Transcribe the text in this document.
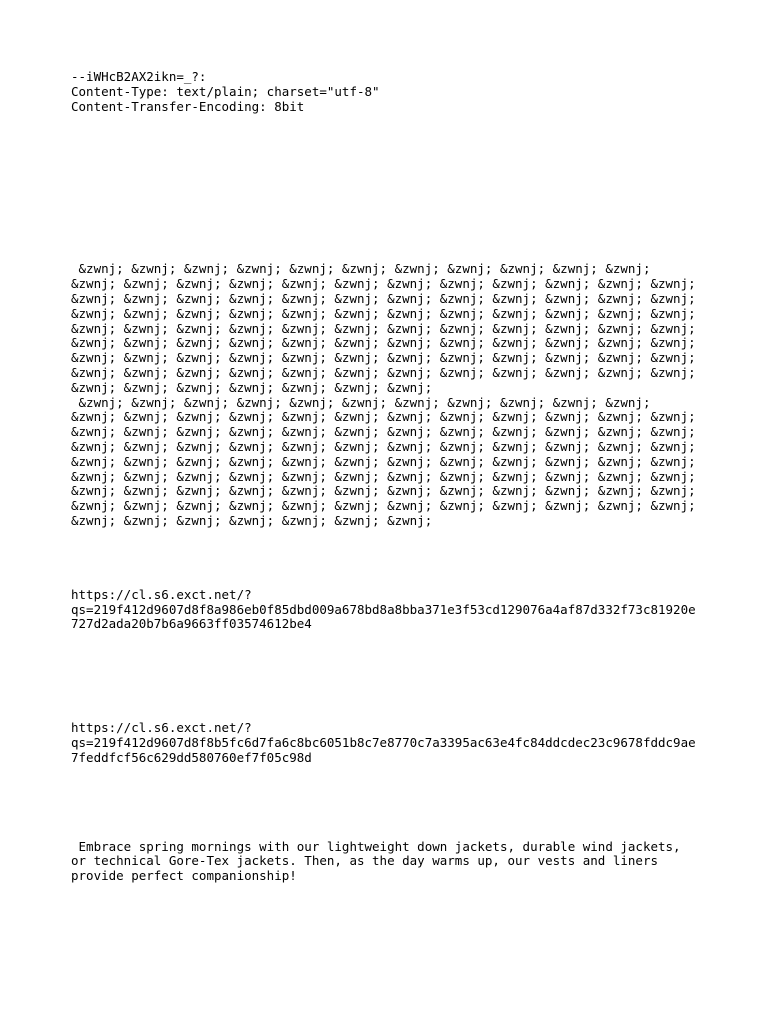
--iWHcB2AX2ikn=_?:
Content-Type: text/plain; charset="utf-8"
Content-Transfer-Encoding: 8bit
&zwnj; &zwnj; &zwnj; &zwnj; &zwnj; &zwnj; &zwnj; &zwnj; &zwnj; &zwnj; &zwnj;
&zwnj; &zwnj; &zwnj; &zwnj; &zwnj; &zwnj; &zwnj; &zwnj; &zwnj; &zwnj; &zwnj; &zwnj;
&zwnj; &zwnj; &zwnj; &zwnj; &zwnj; &zwnj; &zwnj; &zwnj; &zwnj; &zwnj; &zwnj; &zwnj;
&zwnj; &zwnj; &zwnj; &zwnj; &zwnj; &zwnj; &zwnj; &zwnj; &zwnj; &zwnj; &zwnj; &zwnj;
&zwnj; &zwnj; &zwnj; &zwnj; &zwnj; &zwnj; &zwnj; &zwnj; &zwnj; &zwnj; &zwnj; &zwnj;
&zwnj; &zwnj; &zwnj; &zwnj; &zwnj; &zwnj; &zwnj; &zwnj; &zwnj; &zwnj; &zwnj; &zwnj;
&zwnj; &zwnj; &zwnj; &zwnj; &zwnj; &zwnj; &zwnj; &zwnj; &zwnj; &zwnj; &zwnj; &zwnj;
&zwnj; &zwnj; &zwnj; &zwnj; &zwnj; &zwnj; &zwnj; &zwnj; &zwnj; &zwnj; &zwnj; &zwnj;
&zwnj; &zwnj; &zwnj; &zwnj; &zwnj; &zwnj; &zwnj;
&zwnj; &zwnj; &zwnj; &zwnj; &zwnj; &zwnj; &zwnj; &zwnj; &zwnj; &zwnj; &zwnj;
&zwnj; &zwnj; &zwnj; &zwnj; &zwnj; &zwnj; &zwnj; &zwnj; &zwnj; &zwnj; &zwnj; &zwnj;
&zwnj; &zwnj; &zwnj; &zwnj; &zwnj; &zwnj; &zwnj; &zwnj; &zwnj; &zwnj; &zwnj; &zwnj;
&zwnj; &zwnj; &zwnj; &zwnj; &zwnj; &zwnj; &zwnj; &zwnj; &zwnj; &zwnj; &zwnj; &zwnj;
&zwnj; &zwnj; &zwnj; &zwnj; &zwnj; &zwnj; &zwnj; &zwnj; &zwnj; &zwnj; &zwnj; &zwnj;
&zwnj; &zwnj; &zwnj; &zwnj; &zwnj; &zwnj; &zwnj; &zwnj; &zwnj; &zwnj; &zwnj; &zwnj;
&zwnj; &zwnj; &zwnj; &zwnj; &zwnj; &zwnj; &zwnj; &zwnj; &zwnj; &zwnj; &zwnj; &zwnj;
&zwnj; &zwnj; &zwnj; &zwnj; &zwnj; &zwnj; &zwnj; &zwnj; &zwnj; &zwnj; &zwnj; &zwnj;
&zwnj; &zwnj; &zwnj; &zwnj; &zwnj; &zwnj; &zwnj;
https://cl.s6.exct.net/?
qs=219f412d9607d8f8a986eb0f85dbd009a678bd8a8bba371e3f53cd129076a4af87d332f73c81920e
727d2ada20b7b6a9663ff03574612be4
https://cl.s6.exct.net/?
qs=219f412d9607d8f8b5fc6d7fa6c8bc6051b8c7e8770c7a3395ac63e4fc84ddcdec23c9678fddc9ae
7feddfcf56c629dd580760ef7f05c98d
Embrace spring mornings with our lightweight down jackets, durable wind jackets,
or technical Gore-Tex jackets. Then, as the day warms up, our vests and liners
provide perfect companionship!
